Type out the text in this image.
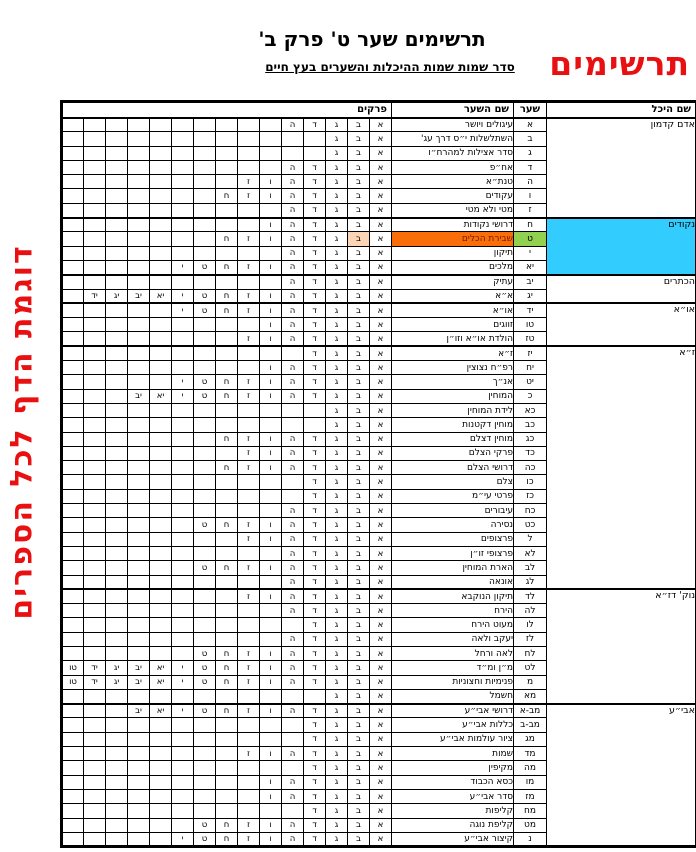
תרשימים שער ט' פרק ב'
סדר שמות שמות ההיכלות והשערים בעץ חיים	תרשימים
דוגמת הדף לכל הספרים
שם היכל	שער	שם השער	פרקים														
אדם קדמון	א	עיגולים ויושר	א	ב	ג	ד	ה										
	ב	השתלשלות י״ס דרך עג'	א	ב	ג												
	ג	סדר אצילות למהרח״ו	א	ב	ג												
	ד	אח״פ	א	ב	ג	ד	ה										
	ה	טנת״א	א	ב	ג	ד	ה	ו	ז								
	ו	עקודים	א	ב	ג	ד	ה	ו	ז	ח							
	ז	מטי ולא מטי	א	ב	ג	ד	ה										
נקודים	ח	דרושי נקודות	א	ב	ג	ד	ה	ו									
	ט	שבירת הכלים	א	ב	ג	ד	ה	ו	ז	ח							
	י	תיקון	א	ב	ג	ד	ה										
	יא	מלכים	א	ב	ג	ד	ה	ו	ז	ח	ט	י					
הכתרים	יב	עתיק	א	ב	ג	ד	ה										
	יג	א״א	א	ב	ג	ד	ה	ו	ז	ח	ט	י	יא	יב	יג	יד	
או״א	יד	או״א	א	ב	ג	ד	ה	ו	ז	ח	ט	י					
	טו	זווגים	א	ב	ג	ד	ה	ו									
	טז	הולדת או״א וזו״ן	א	ב	ג	ד	ה	ו	ז								
ז״א	יז	ז״א	א	ב	ג	ד											
	יח	רפ״ח נצוצין	א	ב	ג	ד	ה	ו									
	יט	אנ״ך	א	ב	ג	ד	ה	ו	ז	ח	ט	י					
	כ	המוחין	א	ב	ג	ד	ה	ו	ז	ח	ט	י	יא	יב			
	כא	לידת המוחין	א	ב	ג												
	כב	מוחין דקטנות	א	ב	ג												
	כג	מוחין דצלם	א	ב	ג	ד	ה	ו	ז	ח							
	כד	פרקי הצלם	א	ב	ג	ד	ה	ו	ז								
	כה	דרושי הצלם	א	ב	ג	ד	ה	ו	ז	ח							
	כו	צלם	א	ב	ג	ד											
	כז	פרטי עי״מ	א	ב	ג	ד											
	כח	עיבורים	א	ב	ג	ד	ה										
	כט	נסירה	א	ב	ג	ד	ה	ו	ז	ח	ט						
	ל	פרצופים	א	ב	ג	ד	ה	ו	ז								
	לא	פרצופי זו״ן	א	ב	ג	ד	ה										
	לב	הארת המוחין	א	ב	ג	ד	ה	ו	ז	ח	ט						
	לג	אונאה	א	ב	ג	ד	ה										
נוק' דז״א	לד	תיקון הנוקבא	א	ב	ג	ד	ה	ו	ז								
	לה	הירח	א	ב	ג	ד	ה										
	לו	מעוט הירח	א	ב	ג	ד											
	לז	יעקב ולאה	א	ב	ג	ד	ה										
	לח	לאה ורחל	א	ב	ג	ד	ה	ו	ז	ח	ט						
	לט	מ״ן ומ״ד	א	ב	ג	ד	ה	ו	ז	ח	ט	י	יא	יב	יג	יד	טו
	מ	פנימיות וחצוניות	א	ב	ג	ד	ה	ו	ז	ח	ט	י	יא	יב	יג	יד	טו
	מא	חשמל	א	ב	ג												
אבי״ע	מב-א	דרושי אבי״ע	א	ב	ג	ד	ה	ו	ז	ח	ט	י	יא	יב			
	מב-ב	כללות אבי״ע	א	ב	ג	ד											
	מג	ציור עולמות אבי״ע	א	ב	ג	ד											
	מד	שמות	א	ב	ג	ד	ה	ו	ז								
	מה	מקיפין	א	ב	ג	ד											
	מו	כסא הכבוד	א	ב	ג	ד	ה	ו									
	מז	סדר אבי״ע	א	ב	ג	ד	ה	ו									
	מח	קליפות	א	ב	ג	ד											
	מט	קליפת נוגה	א	ב	ג	ד	ה	ו	ז	ח	ט						
	נ	קיצור אבי״ע	א	ב	ג	ד	ה	ו	ז	ח	ט	י					
